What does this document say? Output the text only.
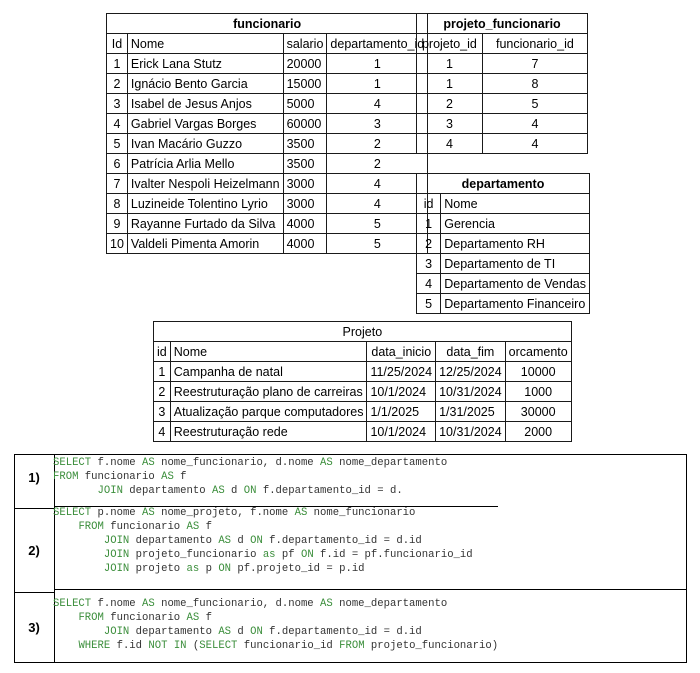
funcionario			
Id	Nome	salario	departamento_id
1	Erick Lana Stutz	20000	1
2	Ignácio Bento Garcia	15000	1
3	Isabel de Jesus Anjos	5000	4
4	Gabriel Vargas Borges	60000	3
5	Ivan Macário Guzzo	3500	2
6	Patrícia Arlia Mello	3500	2
7	Ivalter Nespoli Heizelmann	3000	4
8	Luzineide Tolentino Lyrio	3000	4
9	Rayanne Furtado da Silva	4000	5
10	Valdeli Pimenta Amorin	4000	5
projeto_funcionario	
projeto_id	funcionario_id
1	7
1	8
2	5
3	4
4	4
departamento	
id	Nome
1	Gerencia
2	Departamento RH
3	Departamento de TI
4	Departamento de Vendas
5	Departamento Financeiro
Projeto				
id	Nome	data_inicio	data_fim	orcamento
1	Campanha de natal	11/25/2024	12/25/2024	10000
2	Reestruturação plano de carreiras	10/1/2024	10/31/2024	1000
3	Atualização parque computadores	1/1/2025	1/31/2025	30000
4	Reestruturação rede	10/1/2024	10/31/2024	2000
1)
2)
3)
SELECT f.nome AS nome_funcionario, d.nome AS nome_departamento
FROM funcionario AS f
JOIN departamento AS d ON f.departamento_id = d.
SELECT p.nome AS nome_projeto, f.nome AS nome_funcionario
FROM funcionario AS f
JOIN departamento AS d ON f.departamento_id = d.id
JOIN projeto_funcionario as pf ON f.id = pf.funcionario_id
JOIN projeto as p ON pf.projeto_id = p.id
SELECT f.nome AS nome_funcionario, d.nome AS nome_departamento
FROM funcionario AS f
JOIN departamento AS d ON f.departamento_id = d.id
WHERE f.id NOT IN (SELECT funcionario_id FROM projeto_funcionario)
